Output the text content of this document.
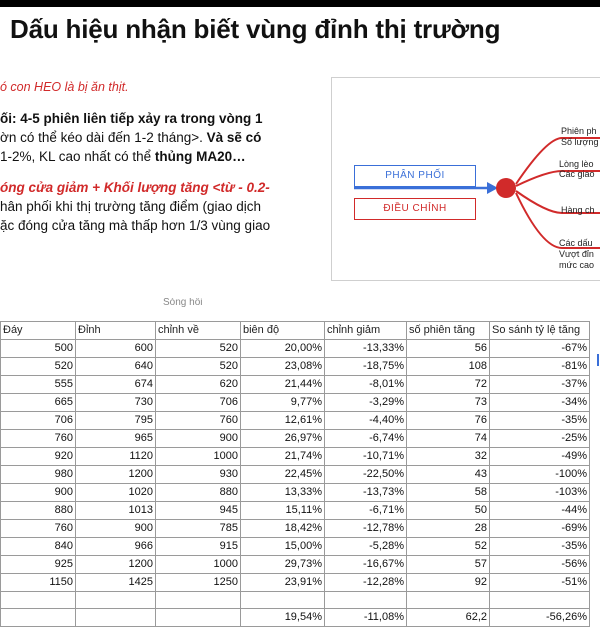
Dấu hiệu nhận biết vùng đỉnh thị trường
ó con HEO là bị ăn thịt.
ối: 4-5 phiên liên tiếp xảy ra trong vòng 1
ờn có thể kéo dài đến 1-2 tháng>. Và sẽ có
1-2%, KL cao nhất có thể thủng MA20…
óng cửa giảm + Khối lượng tăng <từ - 0.2-
hân phối khi thị trường tăng điểm (giao dịch
ặc đóng cửa tăng mà thấp hơn 1/3 vùng giao
PHÂN PHỐI
ĐIỀU CHỈNH
Phiên ph
Số lượng
Lòng lèo
Các giao
Hàng ch
Các dấu
Vượt đỉn
mức cao
Sóng hồi
Đáy	Đỉnh	chỉnh về	biên độ	chỉnh giảm	số phiên tăng	So sánh tỷ lệ tăng
500	600	520	20,00%	-13,33%	56	-67%
520	640	520	23,08%	-18,75%	108	-81%
555	674	620	21,44%	-8,01%	72	-37%
665	730	706	9,77%	-3,29%	73	-34%
706	795	760	12,61%	-4,40%	76	-35%
760	965	900	26,97%	-6,74%	74	-25%
920	1120	1000	21,74%	-10,71%	32	-49%
980	1200	930	22,45%	-22,50%	43	-100%
900	1020	880	13,33%	-13,73%	58	-103%
880	1013	945	15,11%	-6,71%	50	-44%
760	900	785	18,42%	-12,78%	28	-69%
840	966	915	15,00%	-5,28%	52	-35%
925	1200	1000	29,73%	-16,67%	57	-56%
1150	1425	1250	23,91%	-12,28%	92	-51%

			19,54%	-11,08%	62,2	-56,26%
